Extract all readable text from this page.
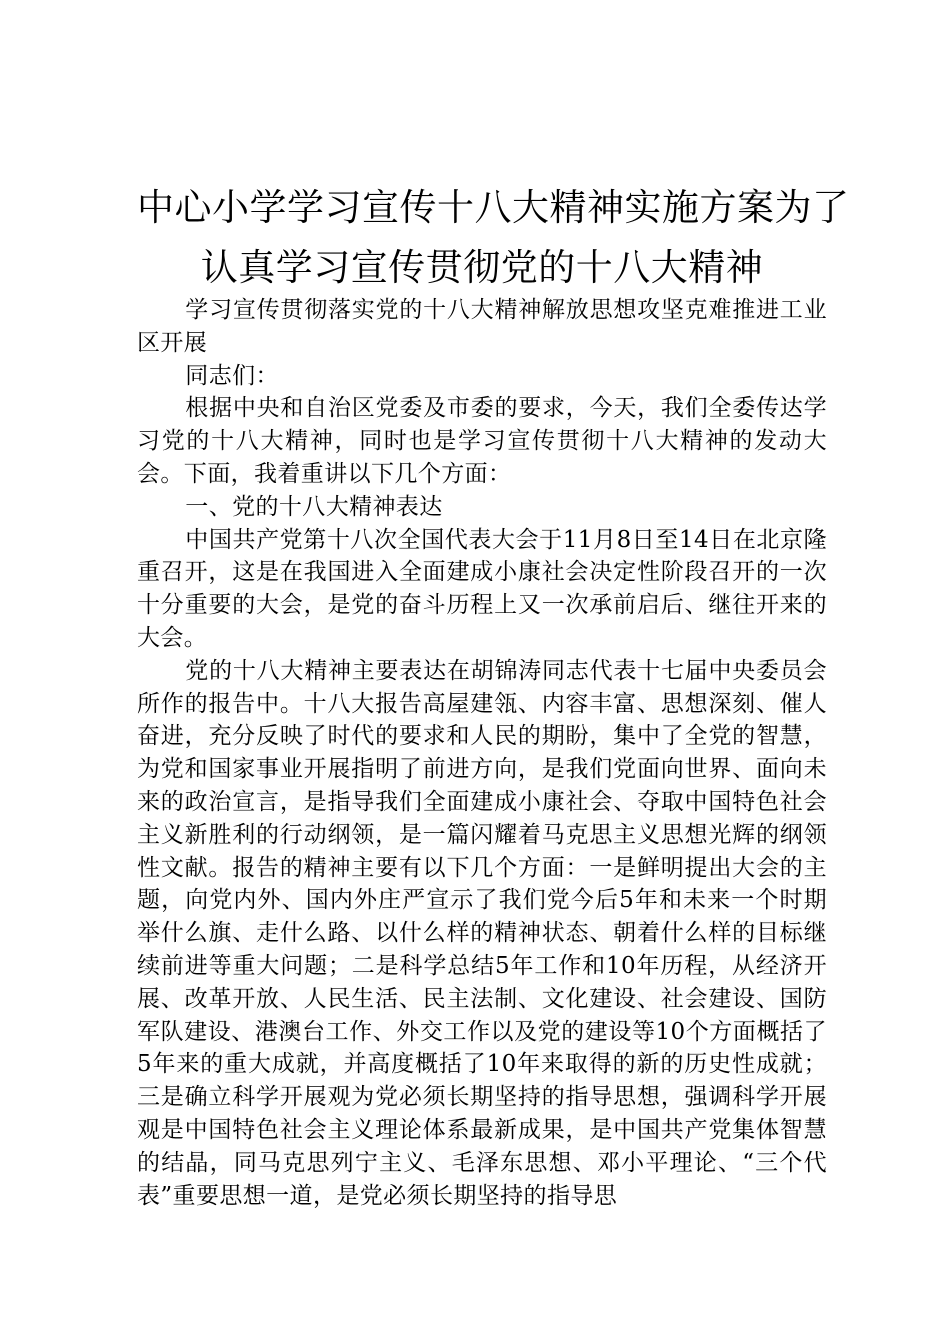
中心小学学习宣传十八大精神实施方案为了
认真学习宣传贯彻党的十八大精神

学习宣传贯彻落实党的十八大精神解放思想攻坚克难推进工业区开展

同志们：

根据中央和自治区党委及市委的要求，今天，我们全委传达学习党的十八大精神，同时也是学习宣传贯彻十八大精神的发动大会。下面，我着重讲以下几个方面：

一、党的十八大精神表达

中国共产党第十八次全国代表大会于11月8日至14日在北京隆重召开，这是在我国进入全面建成小康社会决定性阶段召开的一次十分重要的大会，是党的奋斗历程上又一次承前启后、继往开来的大会。

党的十八大精神主要表达在胡锦涛同志代表十七届中央委员会所作的报告中。十八大报告高屋建瓴、内容丰富、思想深刻、催人奋进，充分反映了时代的要求和人民的期盼，集中了全党的智慧，为党和国家事业开展指明了前进方向，是我们党面向世界、面向未来的政治宣言，是指导我们全面建成小康社会、夺取中国特色社会主义新胜利的行动纲领，是一篇闪耀着马克思主义思想光辉的纲领性文献。报告的精神主要有以下几个方面：一是鲜明提出大会的主题，向党内外、国内外庄严宣示了我们党今后5年和未来一个时期举什么旗、走什么路、以什么样的精神状态、朝着什么样的目标继续前进等重大问题；二是科学总结5年工作和10年历程，从经济开展、改革开放、人民生活、民主法制、文化建设、社会建设、国防军队建设、港澳台工作、外交工作以及党的建设等10个方面概括了5年来的重大成就，并高度概括了10年来取得的新的历史性成就；三是确立科学开展观为党必须长期坚持的指导思想，强调科学开展观是中国特色社会主义理论体系最新成果，是中国共产党集体智慧的结晶，同马克思列宁主义、毛泽东思想、邓小平理论、“三个代表”重要思想一道，是党必须长期坚持的指导思
